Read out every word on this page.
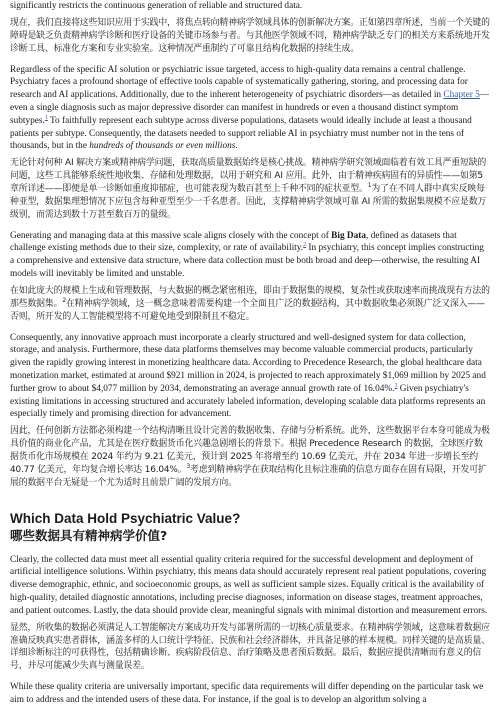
significantly restricts the continuous generation of reliable and structured data.

现在，我们直接将这些知识应用于实践中，将焦点转向精神病学领域具体的创新解决方案。正如第四章所述，当前一个关键的障碍是缺乏负责精神病学诊断和医疗设备的关键市场参与者。与其他医学领域不同，精神病学缺乏专门的相关方来系统地开发诊断工具、标准化方案和专业实验室。这种情况严重制约了可靠且结构化数据的持续生成。

Regardless of the specific AI solution or psychiatric issue targeted, access to high-quality data remains a central challenge. Psychiatry faces a profound shortage of effective tools capable of systematically gathering, storing, and processing data for research and AI applications. Additionally, due to the inherent heterogeneity of psychiatric disorders—as detailed in Chapter 5—even a single diagnosis such as major depressive disorder can manifest in hundreds or even a thousand distinct symptom subtypes.$^1$ To faithfully represent each subtype across diverse populations, datasets would ideally include at least a thousand patients per subtype. Consequently, the datasets needed to support reliable AI in psychiatry must number not in the tens of thousands, but in the hundreds of thousands or even millions.

无论针对何种 AI 解决方案或精神病学问题，获取高质量数据始终是核心挑战。精神病学研究领域面临着有效工具严重短缺的问题，这些工具能够系统性地收集、存储和处理数据，以用于研究和 AI 应用。此外，由于精神疾病固有的异质性——如第5章所详述——即便是单一诊断如重度抑郁症，也可能表现为数百甚至上千种不同的症状亚型。$^1$为了在不同人群中真实反映每种亚型，数据集理想情况下应包含每种亚型至少一千名患者。因此，支撑精神病学领域可靠 AI 所需的数据集规模不应是数万级别，而需达到数十万甚至数百万的量级。

Generating and managing data at this massive scale aligns closely with the concept of Big Data, defined as datasets that challenge existing methods due to their size, complexity, or rate of availability.$^2$ In psychiatry, this concept implies constructing a comprehensive and extensive data structure, where data collection must be both broad and deep—otherwise, the resulting AI models will inevitably be limited and unstable.

在如此庞大的规模上生成和管理数据，与大数据的概念紧密相连，即由于数据集的规模、复杂性或获取速率而挑战现有方法的那些数据集。$^2$在精神病学领域，这一概念意味着需要构建一个全面且广泛的数据结构，其中数据收集必须既广泛又深入——否则，所开发的人工智能模型将不可避免地受到限制且不稳定。

Consequently, any innovative approach must incorporate a clearly structured and well-designed system for data collection, storage, and analysis. Furthermore, these data platforms themselves may become valuable commercial products, particularly given the rapidly growing interest in monetizing healthcare data. According to Precedence Research, the global healthcare data monetization market, estimated at around $921 million in 2024, is projected to reach approximately $1,069 million by 2025 and further grow to about $4,077 million by 2034, demonstrating an average annual growth rate of 16.04%.$^3$ Given psychiatry's existing limitations in accessing structured and accurately labeled information, developing scalable data platforms represents an especially timely and promising direction for advancement.

因此，任何创新方法都必须构建一个结构清晰且设计完善的数据收集、存储与分析系统。此外，这些数据平台本身可能成为极具价值的商业化产品，尤其是在医疗数据货币化兴趣急剧增长的背景下。根据 Precedence Research 的数据，全球医疗数据货币化市场规模在 2024 年约为 9.21 亿美元，预计到 2025 年将增至约 10.69 亿美元，并在 2034 年进一步增长至约 40.77 亿美元，年均复合增长率达 16.04%。$^3$考虑到精神病学在获取结构化且标注准确的信息方面存在固有局限，开发可扩展的数据平台无疑是一个尤为适时且前景广阔的发展方向。

Which Data Hold Psychiatric Value?
哪些数据具有精神病学价值?

Clearly, the collected data must meet all essential quality criteria required for the successful development and deployment of artificial intelligence solutions. Within psychiatry, this means data should accurately represent real patient populations, covering diverse demographic, ethnic, and socioeconomic groups, as well as sufficient sample sizes. Equally critical is the availability of high-quality, detailed diagnostic annotations, including precise diagnoses, information on disease stages, treatment approaches, and patient outcomes. Lastly, the data should provide clear, meaningful signals with minimal distortion and measurement errors.

显然，所收集的数据必须满足人工智能解决方案成功开发与部署所需的一切核心质量要求。在精神病学领域，这意味着数据应准确反映真实患者群体，涵盖多样的人口统计学特征、民族和社会经济群体，并具备足够的样本规模。同样关键的是高质量、详细诊断标注的可获得性，包括精确诊断、疾病阶段信息、治疗策略及患者预后数据。最后，数据应提供清晰而有意义的信号，并尽可能减少失真与测量误差。

While these quality criteria are universally important, specific data requirements will differ depending on the particular task we aim to address and the intended users of these data. For instance, if the goal is to develop an algorithm solving a
